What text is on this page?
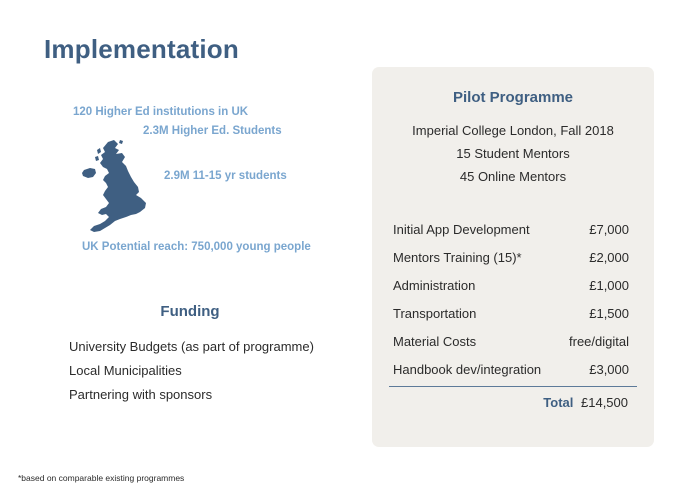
Implementation
120 Higher Ed institutions in UK
2.3M Higher Ed. Students
2.9M 11-15 yr students
UK Potential reach: 750,000 young people
Funding
University Budgets (as part of programme)
Local Municipalities
Partnering with sponsors
Pilot Programme
Imperial College London, Fall 2018
15 Student Mentors
45 Online Mentors
Initial App Development	£7,000
Mentors Training (15)*	£2,000
Administration	£1,000
Transportation	£1,500
Material Costs	free/digital
Handbook dev/integration	£3,000
Total £14,500
*based on comparable existing programmes
